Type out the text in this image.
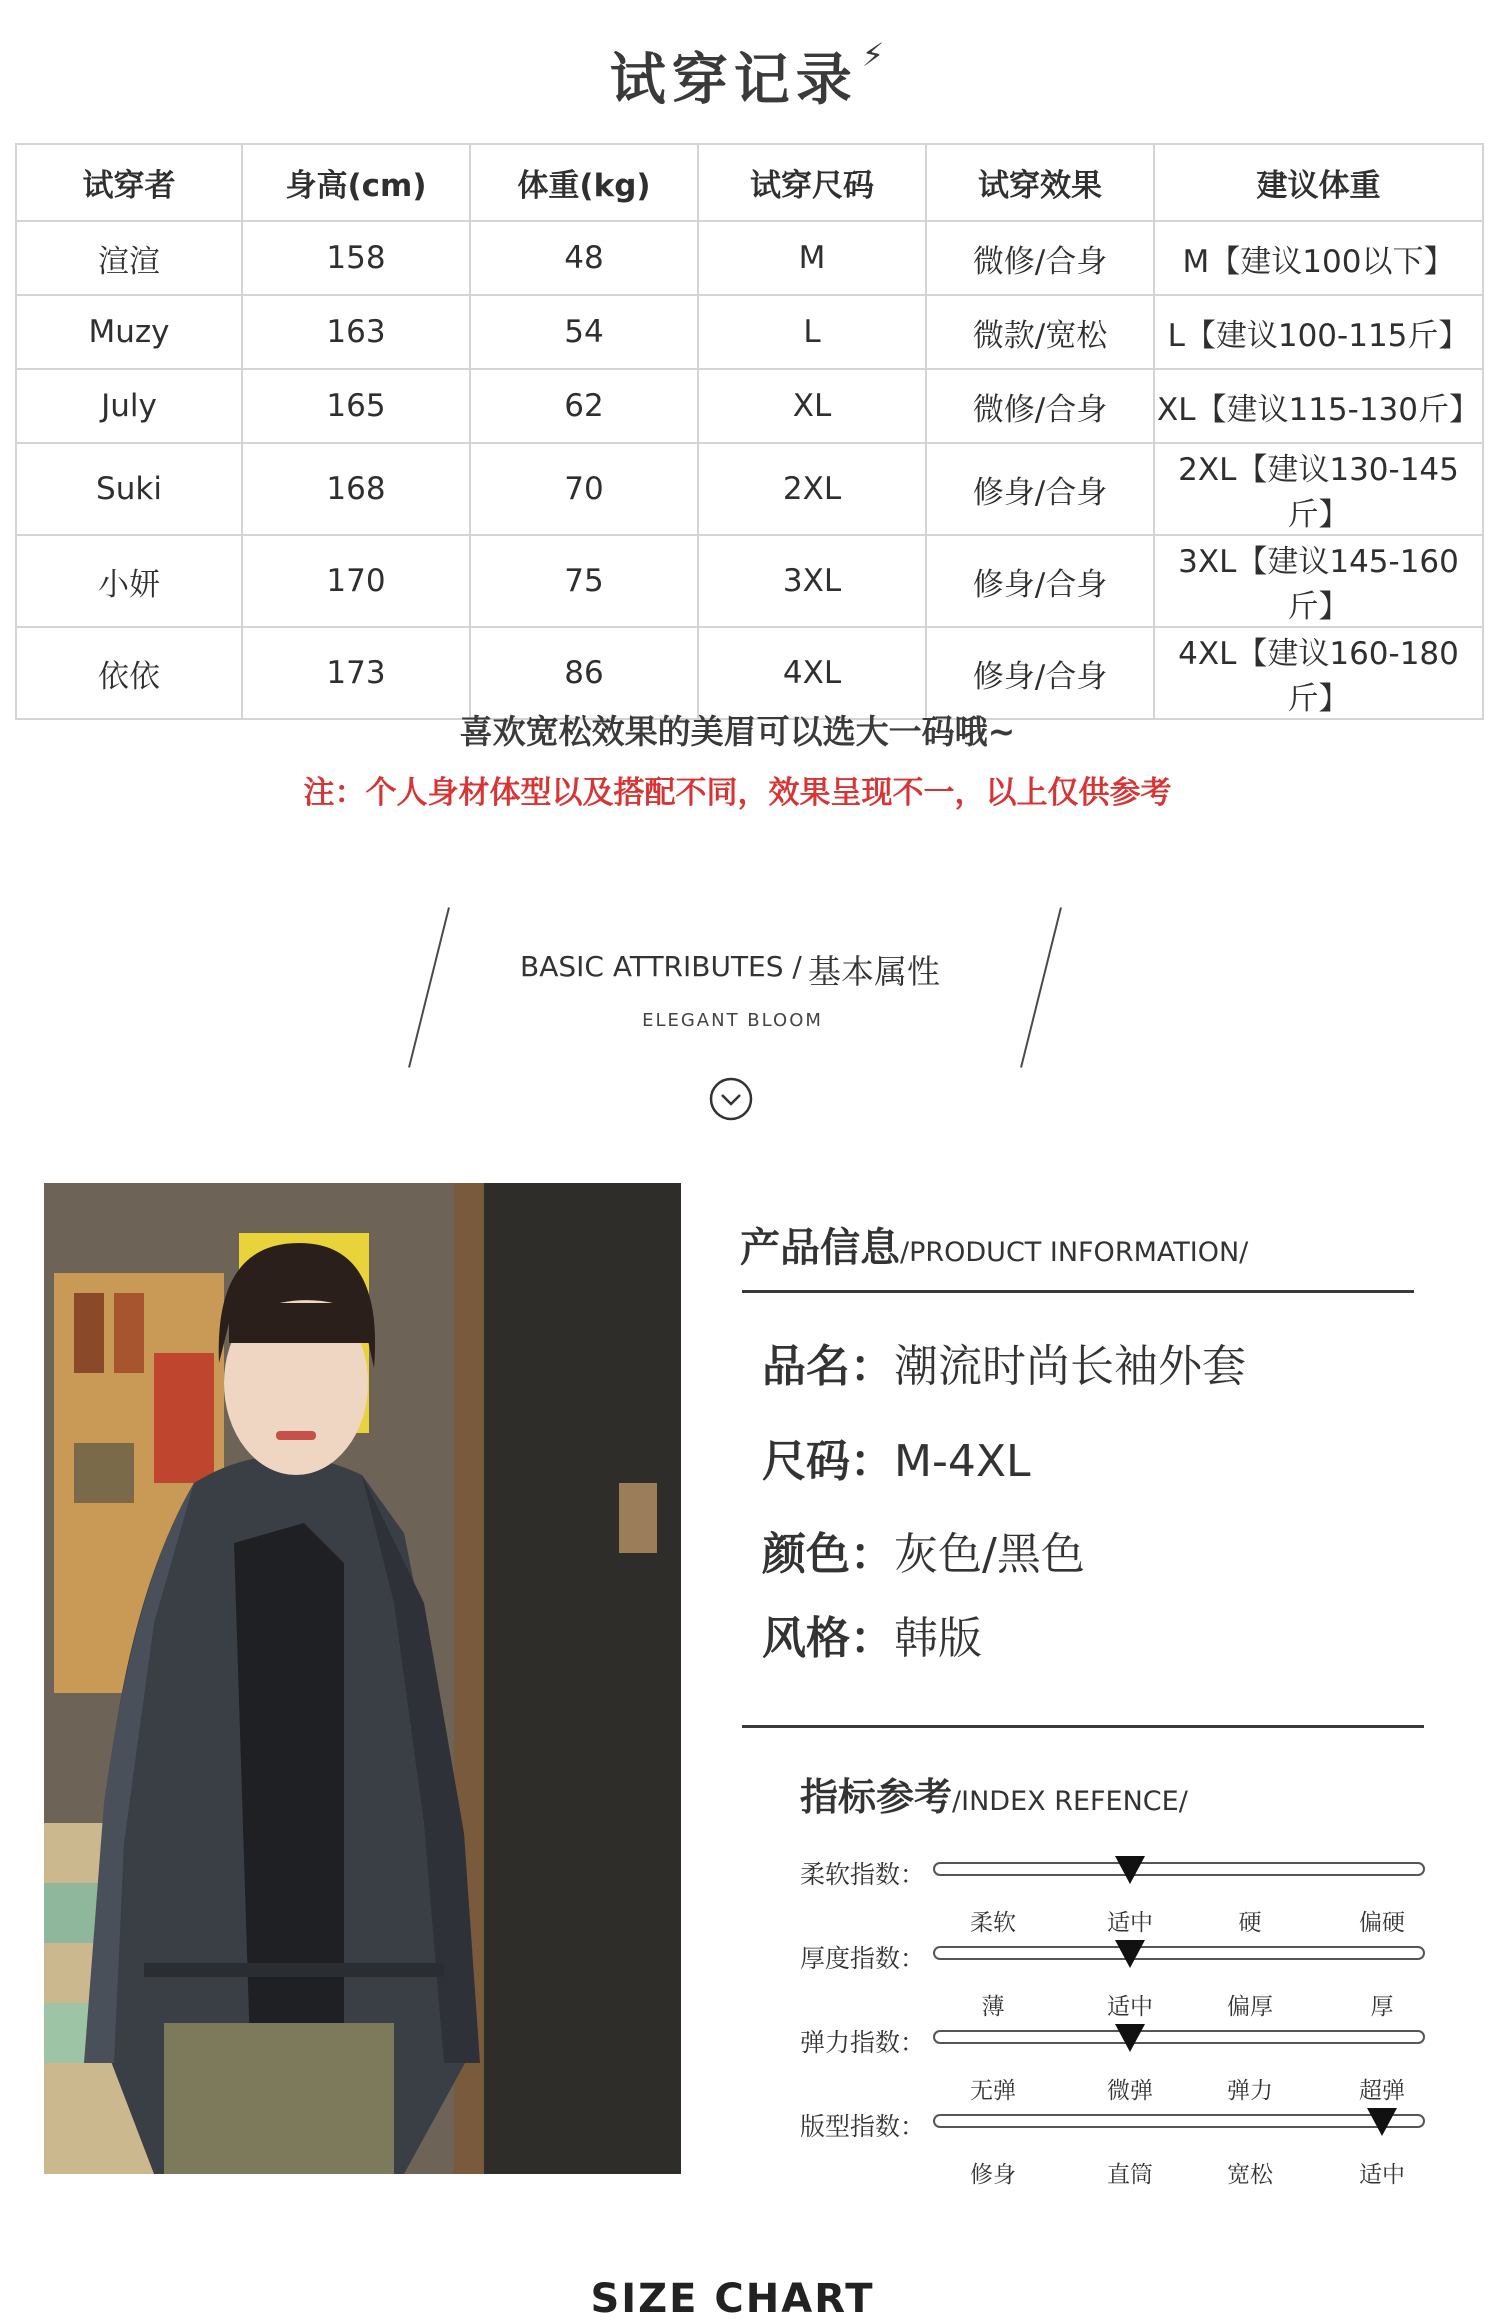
试穿记录 ⚡
试穿者	身高(cm)	体重(kg)	试穿尺码	试穿效果	建议体重
渲渲	158	48	M	微修/合身	M【建议100以下】
Muzy	163	54	L	微款/宽松	L【建议100-115斤】
July	165	62	XL	微修/合身	XL【建议115-130斤】
Suki	168	70	2XL	修身/合身	2XL【建议130-145斤】
小妍	170	75	3XL	修身/合身	3XL【建议145-160斤】
依依	173	86	4XL	修身/合身	4XL【建议160-180斤】
喜欢宽松效果的美眉可以选大一码哦~
注：个人身材体型以及搭配不同，效果呈现不一，以上仅供参考
BASIC ATTRIBUTES / 基本属性
ELEGANT BLOOM
产品信息/PRODUCT INFORMATION/
品名：潮流时尚长袖外套
尺码：M-4XL
颜色：灰色/黑色
风格：韩版
指标参考/INDEX REFENCE/
柔软指数：
柔软	适中	硬	偏硬
厚度指数：
薄	适中	偏厚	厚
弹力指数：
无弹	微弹	弹力	超弹
版型指数：
修身	直筒	宽松	适中
SIZE CHART
